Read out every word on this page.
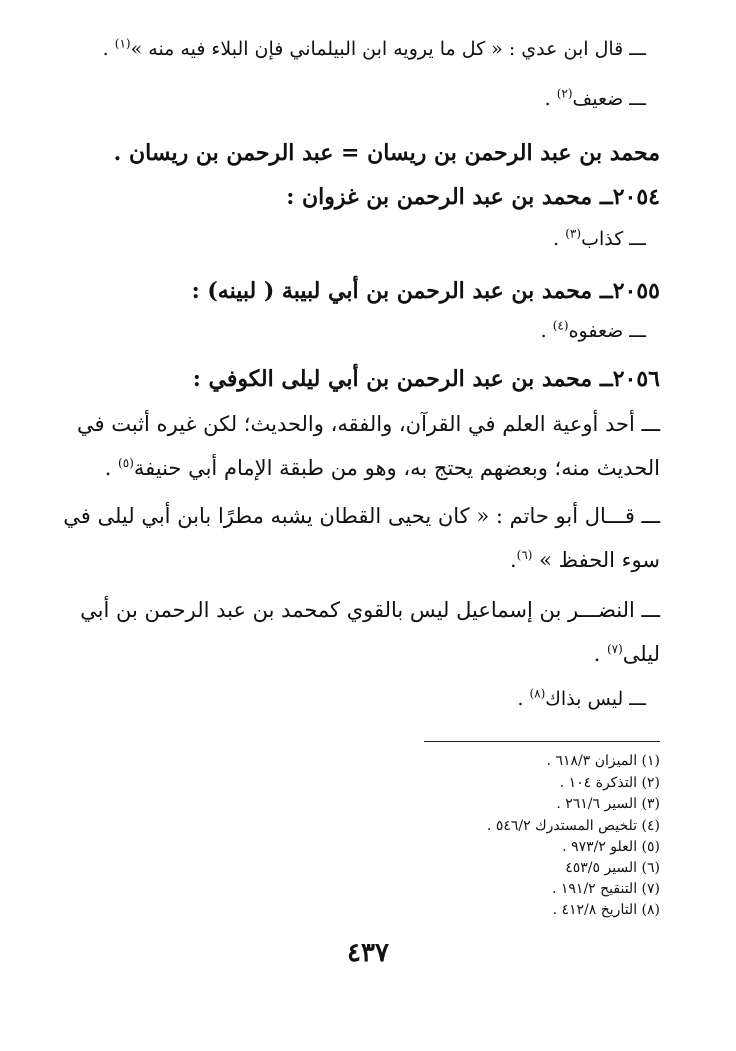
ـــ قال ابن عدي : « كل ما يرويه ابن البيلماني فإن البلاء فيه منه »$^{(١)}$ .
ـــ ضعيف$^{(٢)}$ .
محمد بن عبد الرحمن بن ريسان = عبد الرحمن بن ريسان .
٢٠٥٤ــ محمد بن عبد الرحمن بن غزوان :
ـــ كذاب$^{(٣)}$ .
٢٠٥٥ــ محمد بن عبد الرحمن بن أبي لبيبة ( لبينه) :
ـــ ضعفوه$^{(٤)}$ .
٢٠٥٦ــ محمد بن عبد الرحمن بن أبي ليلى الكوفي :
ـــ أحد أوعية العلم في القرآن، والفقه، والحديث؛ لكن غيره أثبت في
الحديث منه؛ وبعضهم يحتج به، وهو من طبقة الإمام أبي حنيفة$^{(٥)}$ .
ـــ قـــال أبو حاتم : « كان يحيى القطان يشبه مطرًا بابن أبي ليلى في
سوء الحفظ » $^{(٦)}$.
ـــ النضـــر بن إسماعيل ليس بالقوي كمحمد بن عبد الرحمن بن أبي
ليلى$^{(٧)}$ .
ـــ ليس بذاك$^{(٨)}$ .
(١) الميزان ٦١٨/٣ .
(٢) التذكرة ١٠٤ .
(٣) السير ٢٦١/٦ .
(٤) تلخيص المستدرك ٥٤٦/٢ .
(٥) العلو ٩٧٣/٢ .
(٦) السير ٤٥٣/٥
(٧) التنقيح ١٩١/٢ .
(٨) التاريخ ٤١٢/٨ .
٤٣٧
